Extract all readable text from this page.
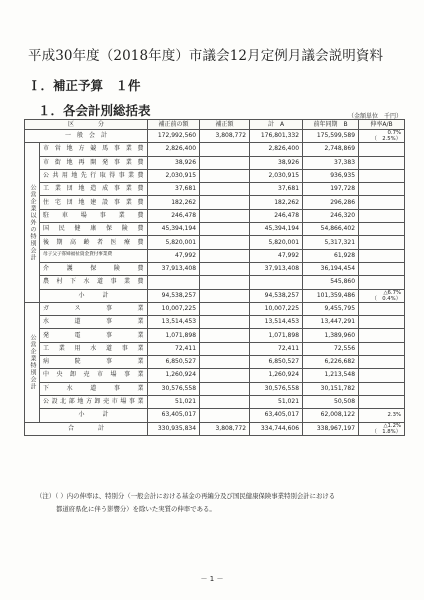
平成30年度（2018年度）市議会12月定例月議会説明資料
Ｉ．補正予算　１件
１．各会計別総括表	（金額単位　千円）
区　　　　分		補正前の額	補正額	計　A	前年同期　B	伸率A/B
一　般　会　計		172,992,560	3,808,772	176,801,332	175,599,589	0.7%
（　2.5%）

公営企業以外の特別会計	市営地方競馬事業費	2,826,400		2,826,400	2,748,869	
	市街地再開発事業費	38,926		38,926	37,383	
	公共用地先行取得事業費	2,030,915		2,030,915	936,935	
	工業団地造成事業費	37,681		37,681	197,728	
	住宅団地建設事業費	182,262		182,262	296,286	
	駐車場事業費	246,478		246,478	246,320	
	国民健康保険費	45,394,194		45,394,194	54,866,402	
	後期高齢者医療費	5,820,001		5,820,001	5,317,321	
	母子父子寡婦福祉資金貸付事業費	47,992		47,992	61,928	
	介護保険費	37,913,408		37,913,408	36,194,454	
	農村下水道事業費				545,860	
	小　　　計	94,538,257		94,538,257	101,359,486	△6.7%
（　0.4%）

公営企業特別会計	ガス事業	10,007,225		10,007,225	9,455,795	
	水道事業	13,514,453		13,514,453	13,447,291	
	発電事業	1,071,898		1,071,898	1,389,960	
	工業用水道事業	72,411		72,411	72,556	
	病院事業	6,850,527		6,850,527	6,226,682	
	中央卸売市場事業	1,260,924		1,260,924	1,213,548	
	下水道事業	30,576,558		30,576,558	30,151,782	
	公設北部地方卸売市場事業	51,021		51,021	50,508	
	小　　　計	63,405,017		63,405,017	62,008,122	2.3%

合　　　　計		330,935,834	3,808,772	334,744,606	338,967,197	△1.2%
（　1.8%）
（注）（ ）内の伸率は、特別分（一般会計における基金の再編分及び国民健康保険事業特別会計における
都道府県化に伴う影響分）を除いた実質の伸率である。
－ 1 －
